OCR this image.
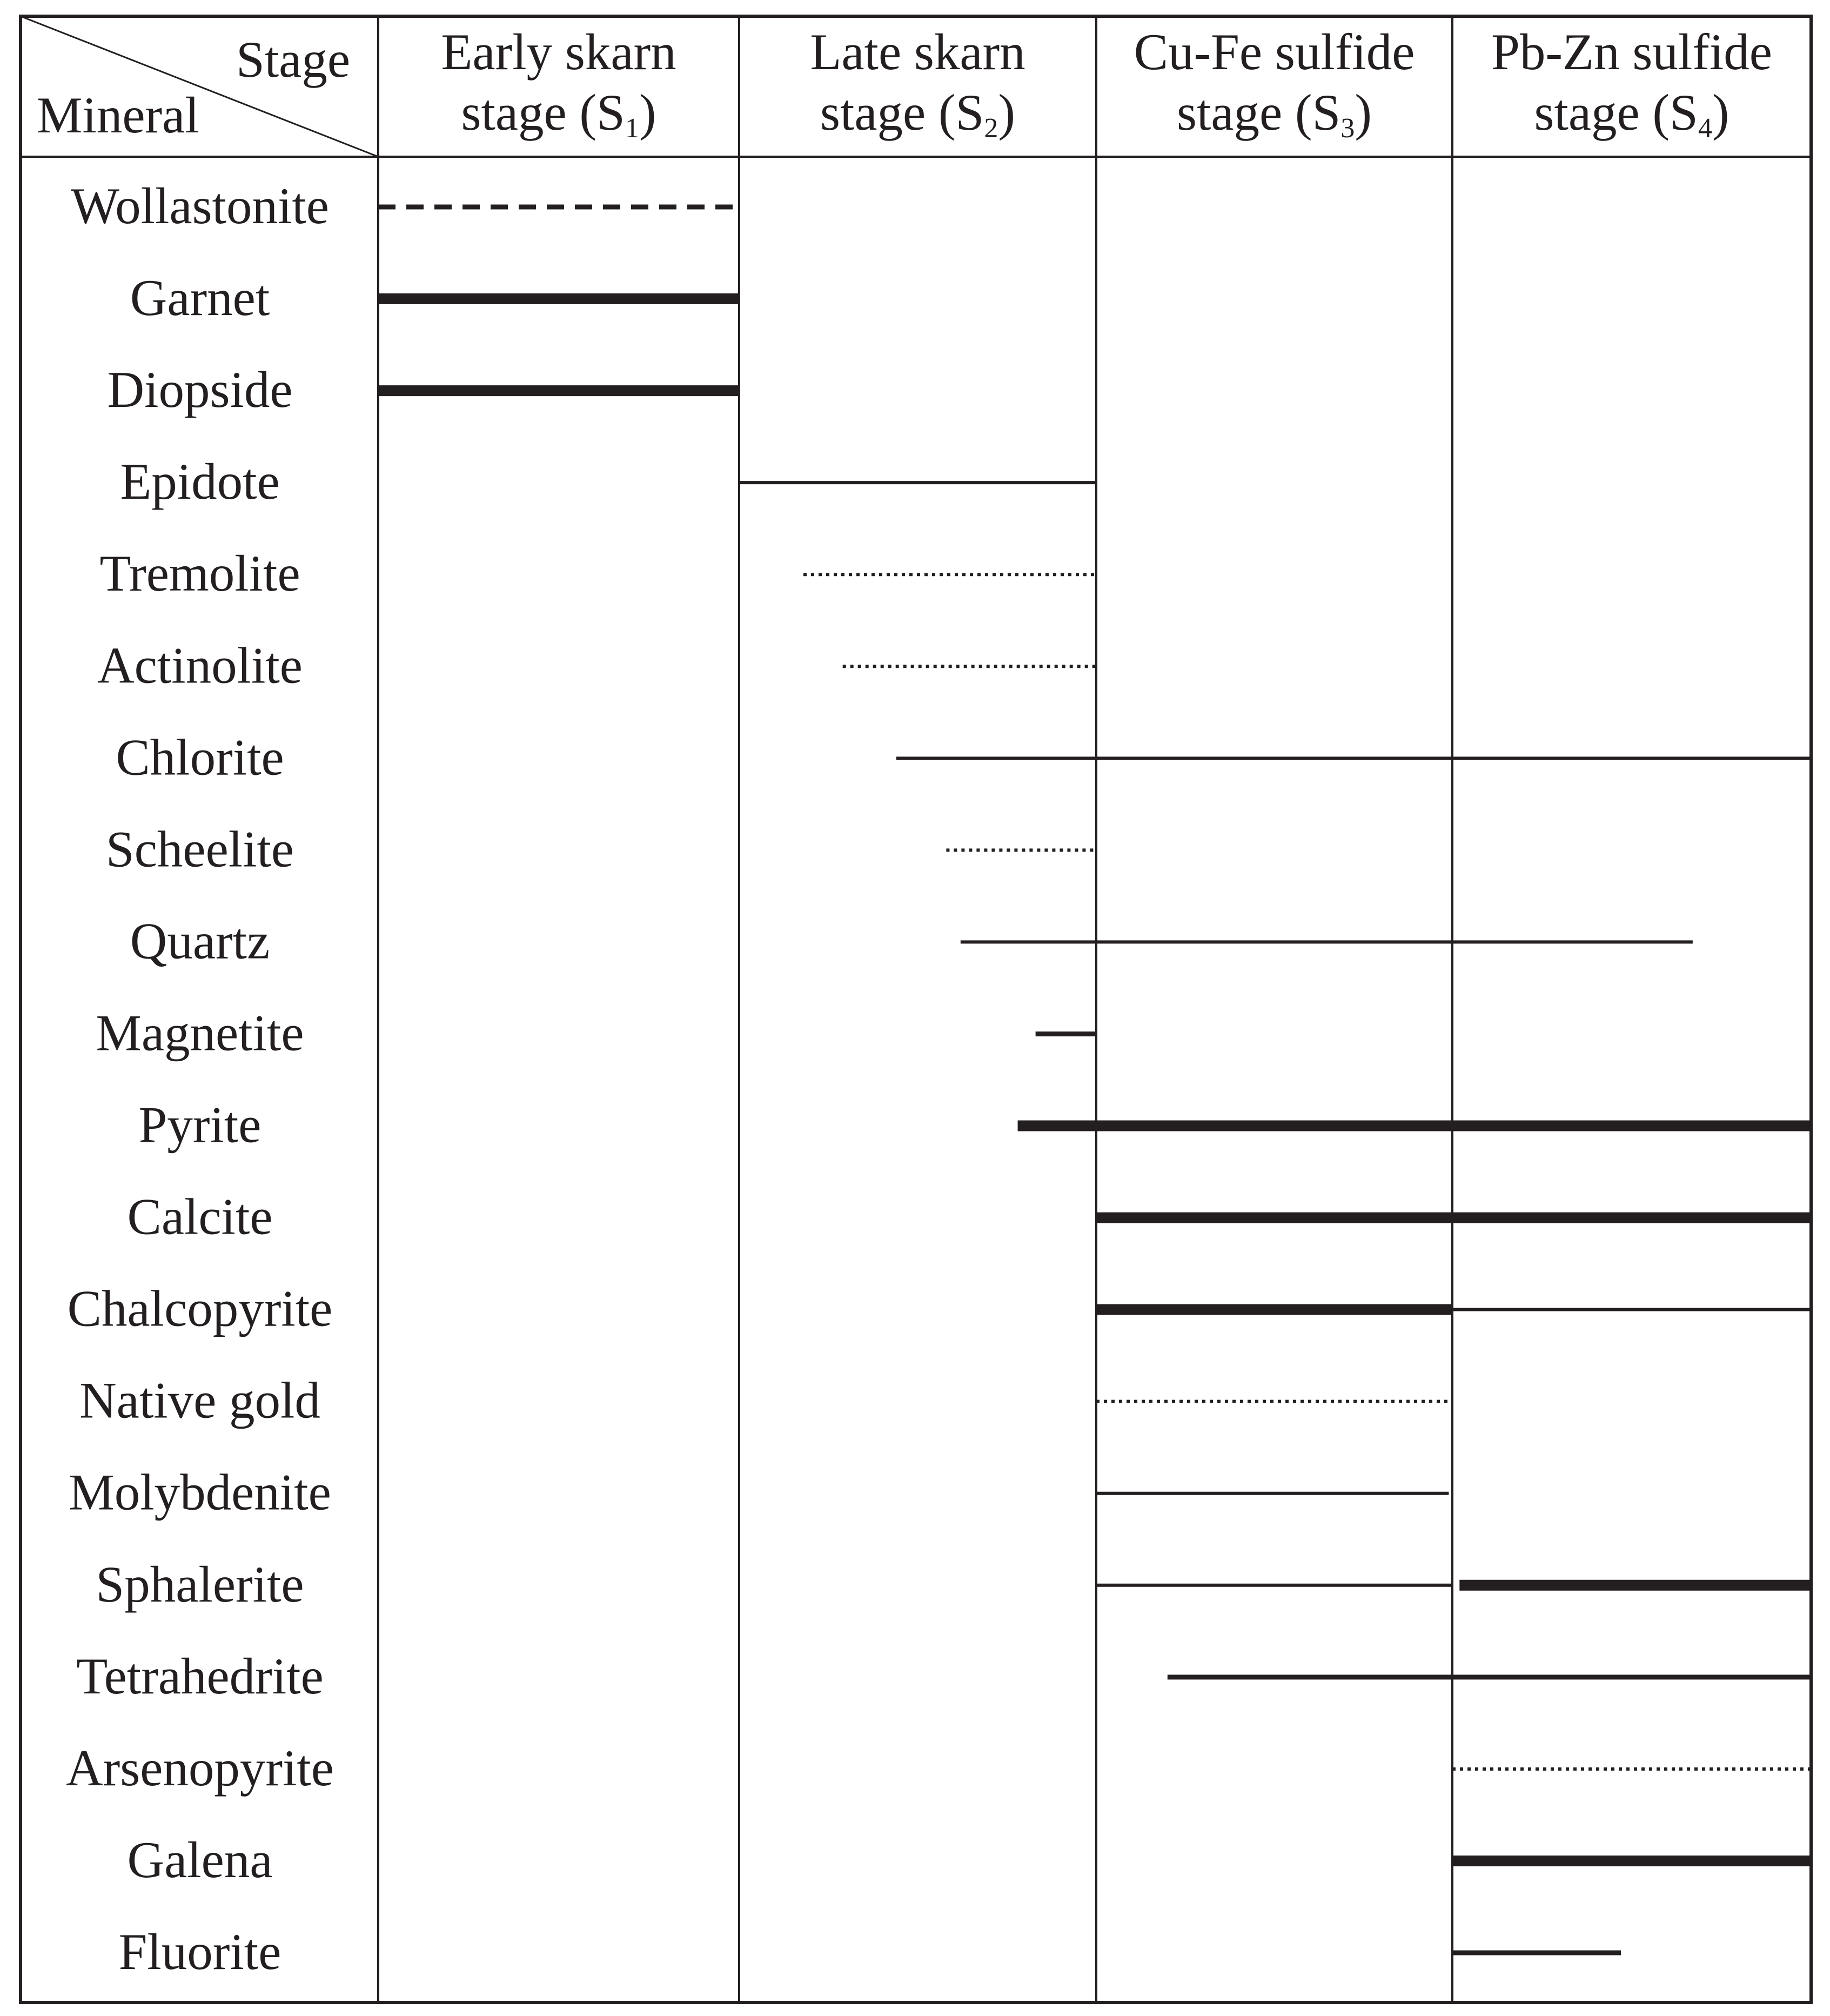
Stage
Mineral
Early skarn
stage (S1)
Late skarn
stage (S2)
Cu-Fe sulfide
stage (S3)
Pb-Zn sulfide
stage (S4)
Wollastonite
Garnet
Diopside
Epidote
Tremolite
Actinolite
Chlorite
Scheelite
Quartz
Magnetite
Pyrite
Calcite
Chalcopyrite
Native gold
Molybdenite
Sphalerite
Tetrahedrite
Arsenopyrite
Galena
Fluorite
